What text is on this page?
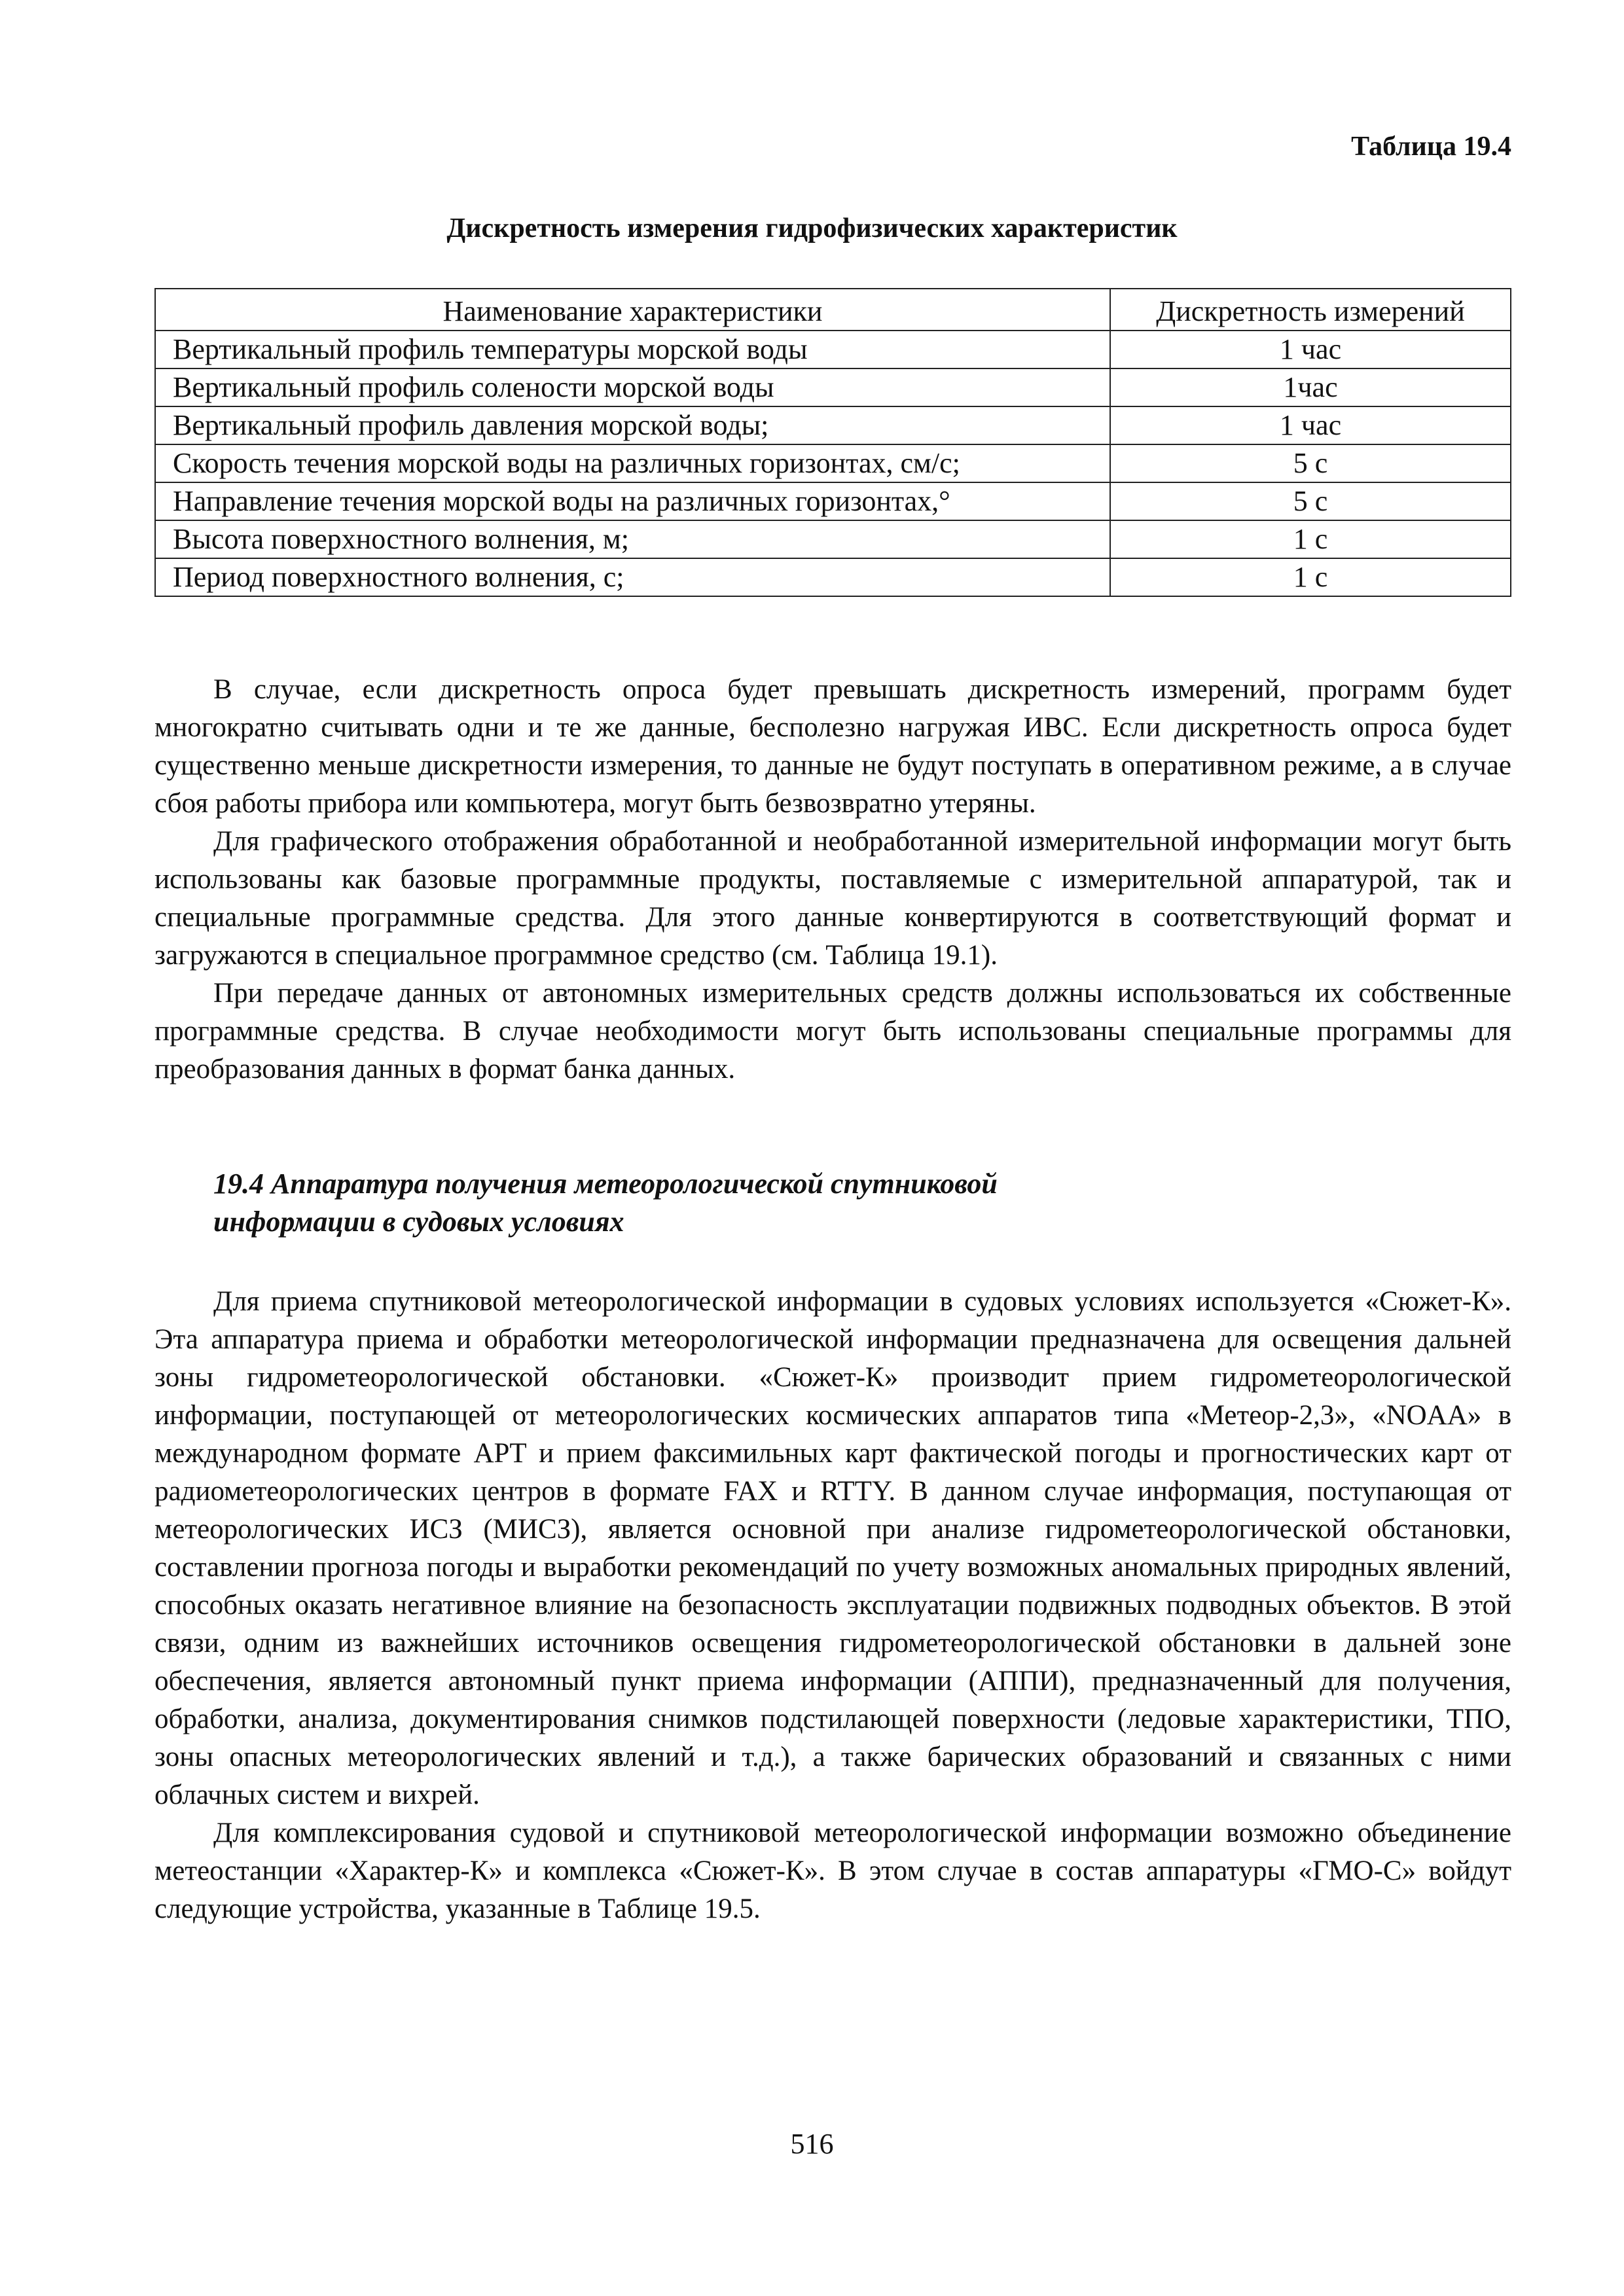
Таблица 19.4

Дискретность измерения гидрофизических характеристик

Наименование характеристики	Дискретность измерений
Вертикальный профиль температуры морской воды	1 час
Вертикальный профиль солености морской воды	1час
Вертикальный профиль давления морской воды;	1 час
Скорость течения морской воды на различных горизонтах, см/с;	5 с
Направление течения морской воды на различных горизонтах,°	5 с
Высота поверхностного волнения, м;	1 с
Период поверхностного волнения, с;	1 с

В случае, если дискретность опроса будет превышать дискретность измерений, программ будет многократно считывать одни и те же данные, бесполезно нагружая ИВС. Если дискретность опроса будет существенно меньше дискретности измерения, то данные не будут поступать в оперативном режиме, а в случае сбоя работы прибора или компьютера, могут быть безвозвратно утеряны.

Для графического отображения обработанной и необработанной измерительной информации могут быть использованы как базовые программные продукты, поставляемые с измерительной аппаратурой, так и специальные программные средства. Для этого данные конвертируются в соответствующий формат и загружаются в специальное программное средство (см. Таблица 19.1).

При передаче данных от автономных измерительных средств должны использоваться их собственные программные средства. В случае необходимости могут быть использованы специальные программы для преобразования данных в формат банка данных.

19.4 Аппаратура получения метеорологической спутниковой
информации в судовых условиях

Для приема спутниковой метеорологической информации в судовых условиях используется «Сюжет-К». Эта аппаратура приема и обработки метеорологической информации предназначена для освещения дальней зоны гидрометеорологической обстановки. «Сюжет-К» производит прием гидрометеорологической информации, поступающей от метеорологических космических аппаратов типа «Метеор-2,3», «NOAA» в международном формате APT и прием факсимильных карт фактической погоды и прогностических карт от радиометеорологических центров в формате FAX и RTTY. В данном случае информация, поступающая от метеорологических ИСЗ (МИСЗ), является основной при анализе гидрометеорологической обстановки, составлении прогноза погоды и выработки рекомендаций по учету возможных аномальных природных явлений, способных оказать негативное влияние на безопасность эксплуатации подвижных подводных объектов. В этой связи, одним из важнейших источников освещения гидрометеорологической обстановки в дальней зоне обеспечения, является автономный пункт приема информации (АППИ), предназначенный для получения, обработки, анализа, документирования снимков подстилающей поверхности (ледовые характеристики, ТПО, зоны опасных метеорологических явлений и т.д.), а также барических образований и связанных с ними облачных систем и вихрей.

Для комплексирования судовой и спутниковой метеорологической информации возможно объединение метеостанции «Характер-К» и комплекса «Сюжет-К». В этом случае в состав аппаратуры «ГМО-С» войдут следующие устройства, указанные в Таблице 19.5.

516
